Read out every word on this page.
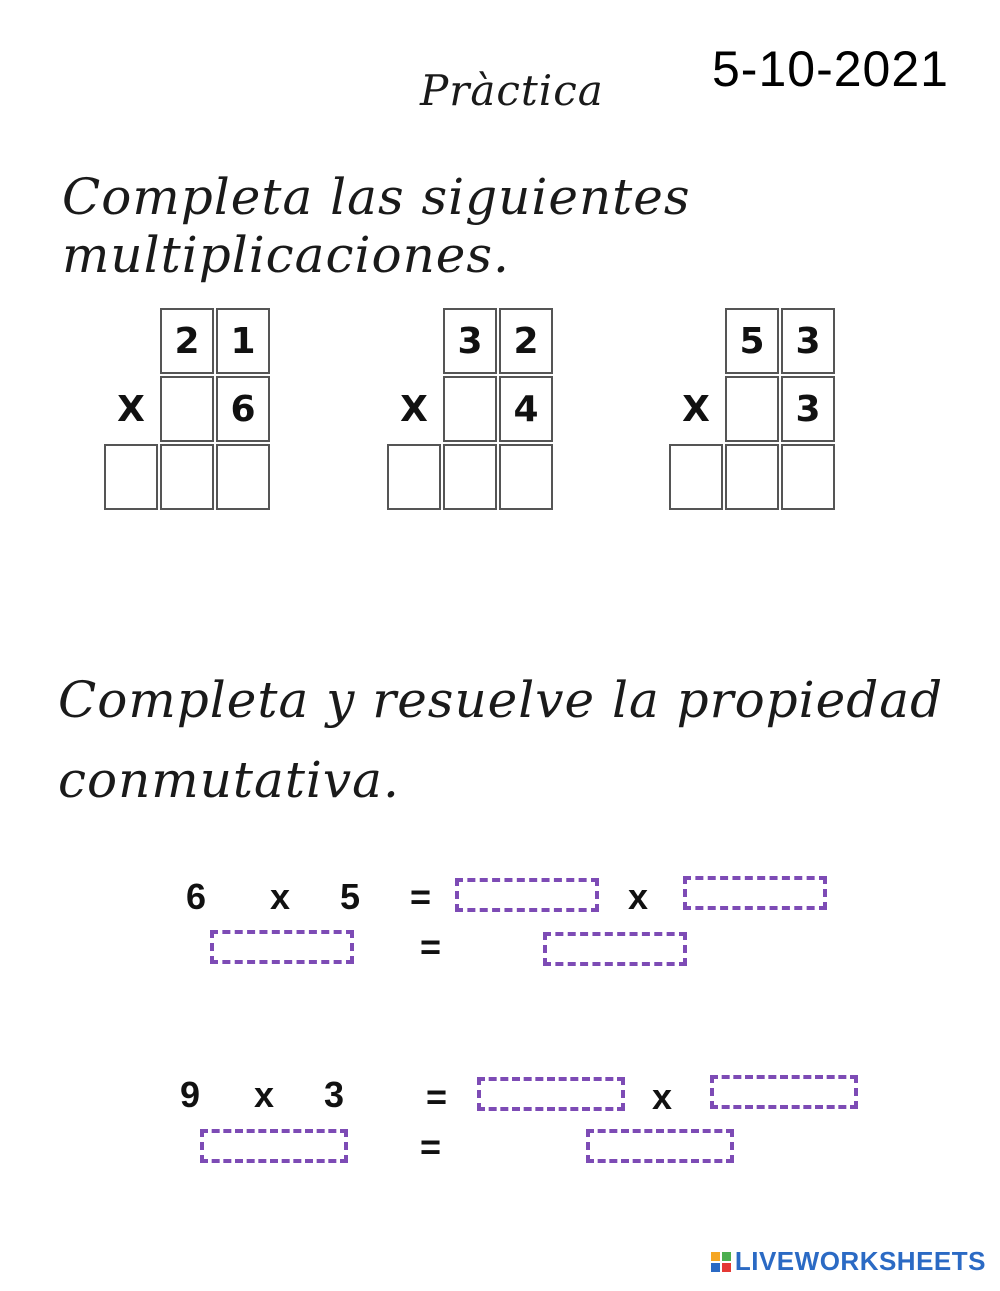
5-10-2021
Pràctica
Completa las siguientes multiplicaciones.
2 1
X	6
3 2
X	4
5 3
X	3
Completa y resuelve la propiedad conmutativa.
6 x 5 =	x
=
9 x 3 =	x
=
LIVEWORKSHEETS
